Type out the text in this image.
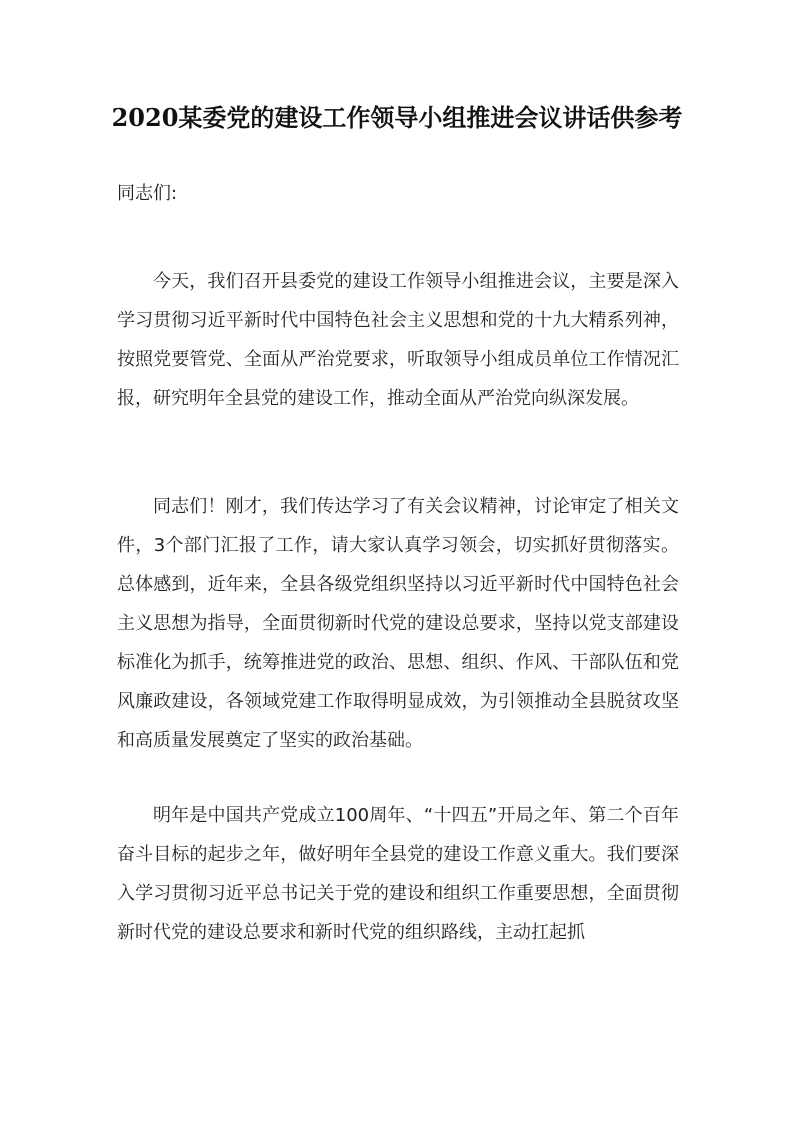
2020某委党的建设工作领导小组推进会议讲话供参考

同志们:

今天，我们召开县委党的建设工作领导小组推进会议，主要是深入学习贯彻习近平新时代中国特色社会主义思想和党的十九大精系列神，按照党要管党、全面从严治党要求，听取领导小组成员单位工作情况汇报，研究明年全县党的建设工作，推动全面从严治党向纵深发展。

同志们！刚才，我们传达学习了有关会议精神，讨论审定了相关文件，3个部门汇报了工作，请大家认真学习领会，切实抓好贯彻落实。总体感到，近年来，全县各级党组织坚持以习近平新时代中国特色社会主义思想为指导，全面贯彻新时代党的建设总要求，坚持以党支部建设标准化为抓手，统筹推进党的政治、思想、组织、作风、干部队伍和党风廉政建设，各领域党建工作取得明显成效，为引领推动全县脱贫攻坚和高质量发展奠定了坚实的政治基础。

明年是中国共产党成立100周年、“十四五”开局之年、第二个百年奋斗目标的起步之年，做好明年全县党的建设工作意义重大。我们要深入学习贯彻习近平总书记关于党的建设和组织工作重要思想，全面贯彻新时代党的建设总要求和新时代党的组织路线，主动扛起抓
